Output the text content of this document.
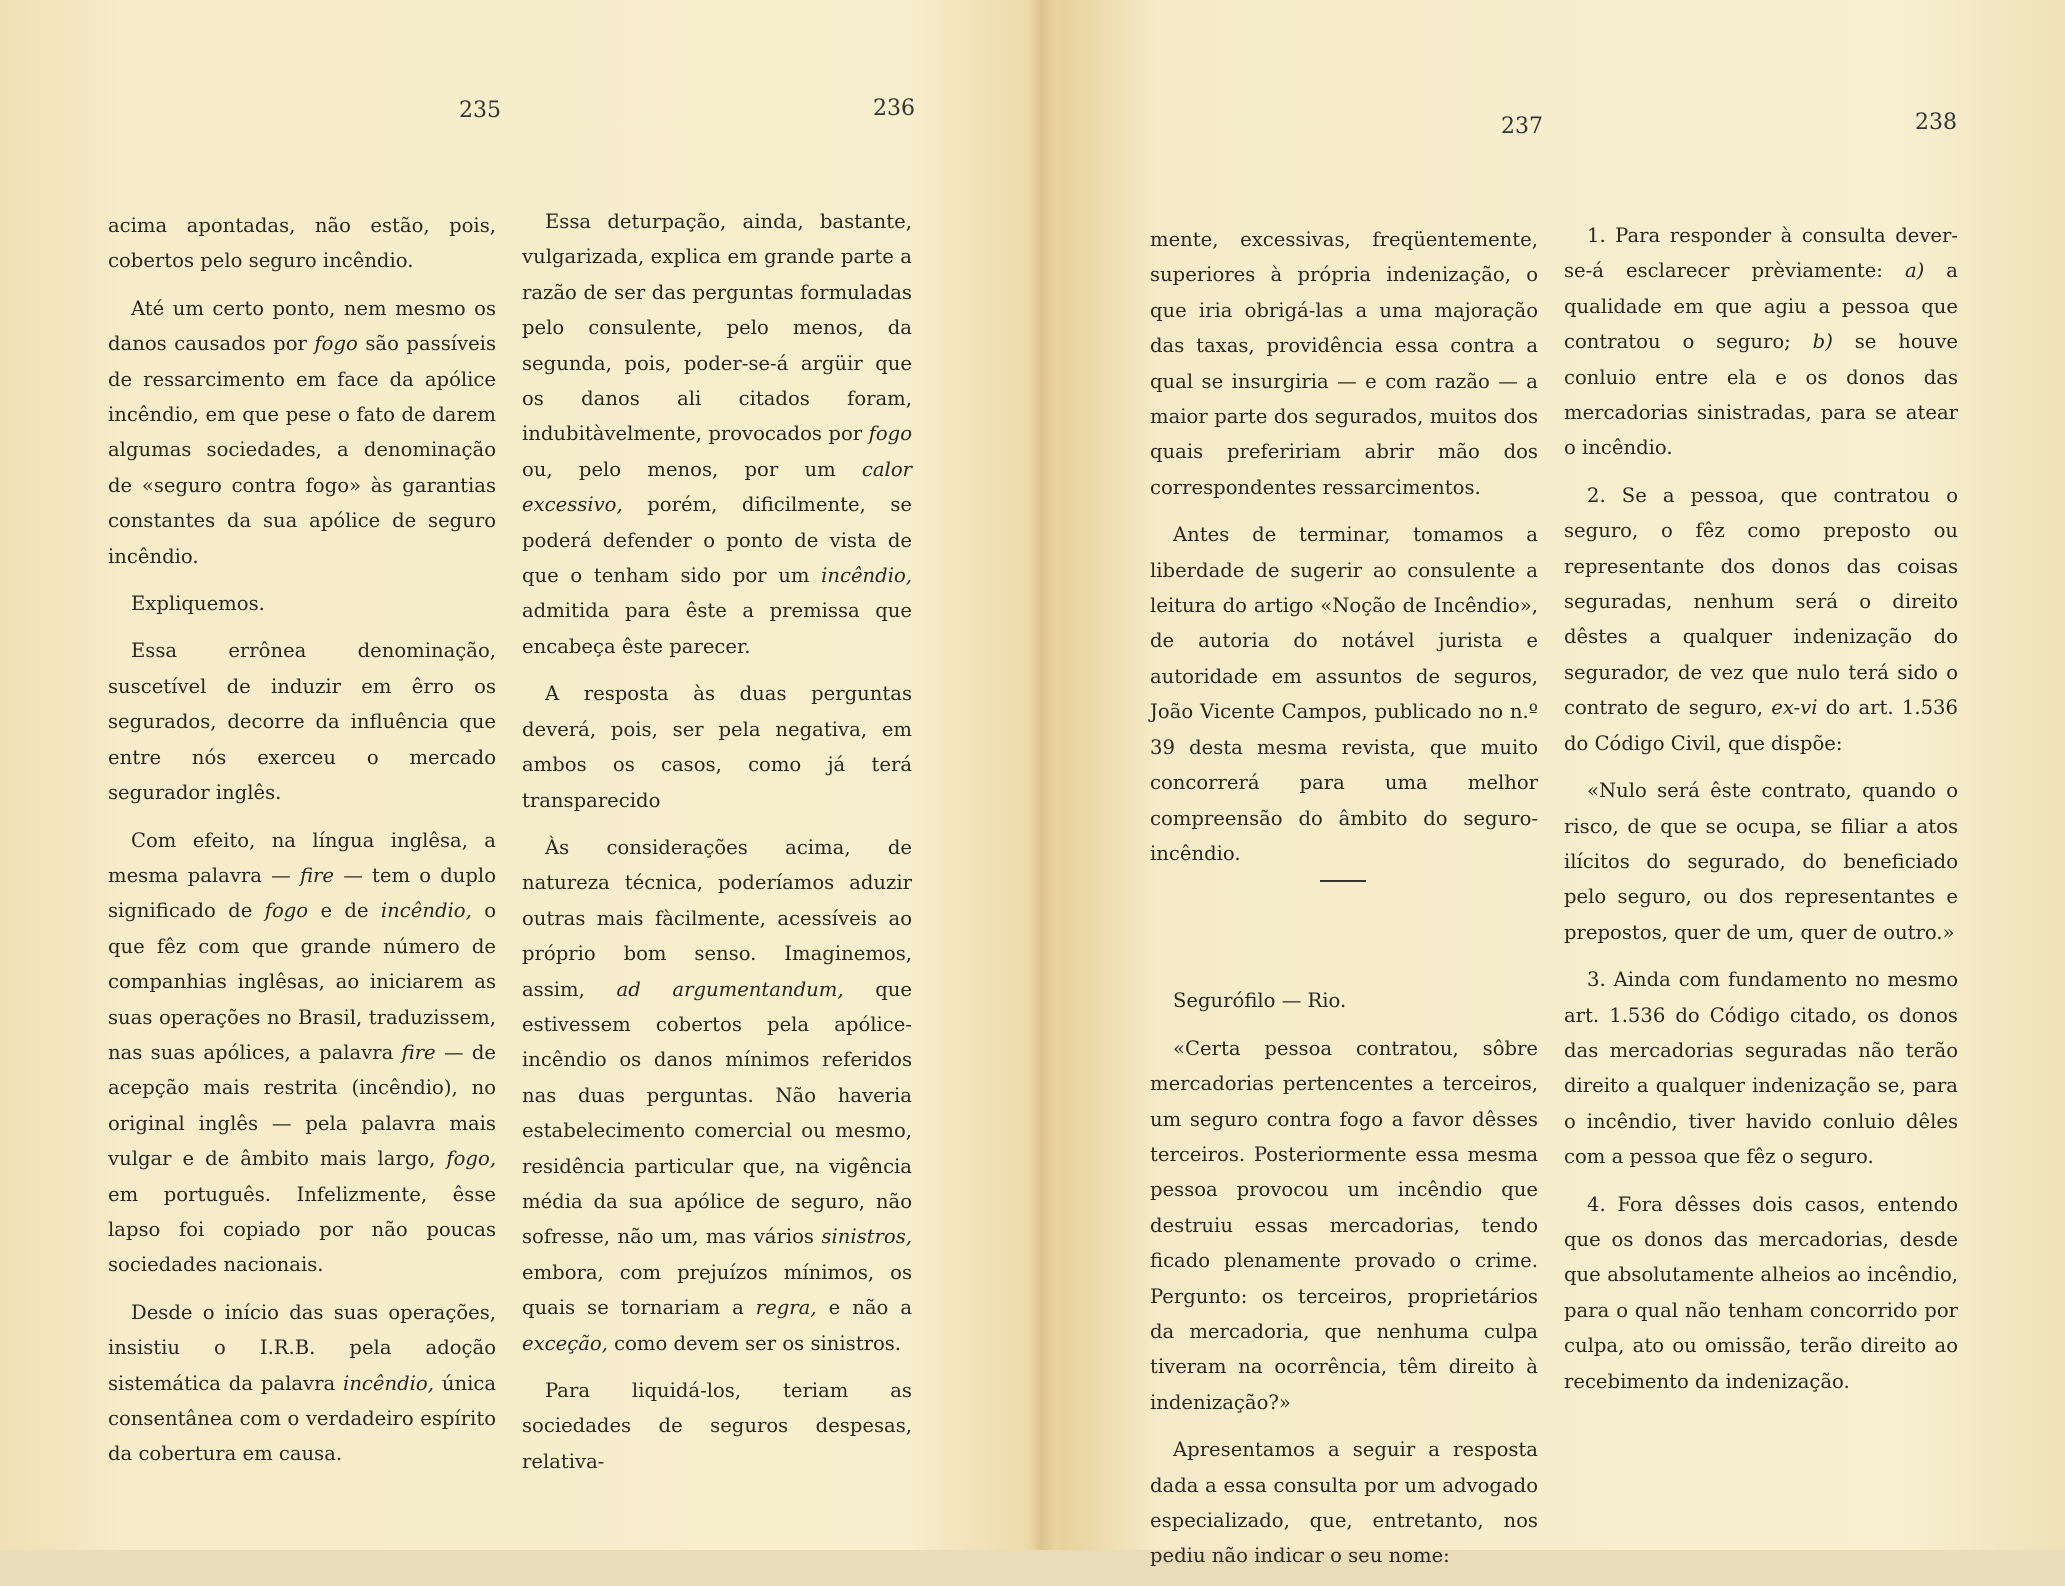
235	236
237	238

acima apontadas, não estão, pois, cobertos pelo seguro incêndio.

Até um certo ponto, nem mesmo os danos causados por fogo são passíveis de ressarcimento em face da apólice incêndio, em que pese o fato de darem algumas sociedades, a denominação de «seguro contra fogo» às garantias constantes da sua apólice de seguro incêndio.

Expliquemos.

Essa errônea denominação, suscetível de induzir em êrro os segurados, decorre da influência que entre nós exerceu o mercado segurador inglês.

Com efeito, na língua inglêsa, a mesma palavra — fire — tem o duplo significado de fogo e de incêndio, o que fêz com que grande número de companhias inglêsas, ao iniciarem as suas operações no Brasil, traduzissem, nas suas apólices, a palavra fire — de acepção mais restrita (incêndio), no original inglês — pela palavra mais vulgar e de âmbito mais largo, fogo, em português. Infelizmente, êsse lapso foi copiado por não poucas sociedades nacionais.

Desde o início das suas operações, insistiu o I.R.B. pela adoção sistemática da palavra incêndio, única consentânea com o verdadeiro espírito da cobertura em causa.

Essa deturpação, ainda, bastante, vulgarizada, explica em grande parte a razão de ser das perguntas formuladas pelo consulente, pelo menos, da segunda, pois, poder-se-á argüir que os danos ali citados foram, indubitàvelmente, provocados por fogo ou, pelo menos, por um calor excessivo, porém, dificilmente, se poderá defender o ponto de vista de que o tenham sido por um incêndio, admitida para êste a premissa que encabeça êste parecer.

A resposta às duas perguntas deverá, pois, ser pela negativa, em ambos os casos, como já terá transparecido

Às considerações acima, de natureza técnica, poderíamos aduzir outras mais fàcilmente, acessíveis ao próprio bom senso. Imaginemos, assim, ad argumentandum, que estivessem cobertos pela apólice-incêndio os danos mínimos referidos nas duas perguntas. Não haveria estabelecimento comercial ou mesmo, residência particular que, na vigência média da sua apólice de seguro, não sofresse, não um, mas vários sinistros, embora, com prejuízos mínimos, os quais se tornariam a regra, e não a exceção, como devem ser os sinistros.

Para liquidá-los, teriam as sociedades de seguros despesas, relativa-

mente, excessivas, freqüentemente, superiores à própria indenização, o que iria obrigá-las a uma majoração das taxas, providência essa contra a qual se insurgiria — e com razão — a maior parte dos segurados, muitos dos quais prefeririam abrir mão dos correspondentes ressarcimentos.

Antes de terminar, tomamos a liberdade de sugerir ao consulente a leitura do artigo «Noção de Incêndio», de autoria do notável jurista e autoridade em assuntos de seguros, João Vicente Campos, publicado no n.º 39 desta mesma revista, que muito concorrerá para uma melhor compreensão do âmbito do seguro-incêndio.

Segurófilo — Rio.

«Certa pessoa contratou, sôbre mercadorias pertencentes a terceiros, um seguro contra fogo a favor dêsses terceiros. Posteriormente essa mesma pessoa provocou um incêndio que destruiu essas mercadorias, tendo ficado plenamente provado o crime. Pergunto: os terceiros, proprietários da mercadoria, que nenhuma culpa tiveram na ocorrência, têm direito à indenização?»

Apresentamos a seguir a resposta dada a essa consulta por um advogado especializado, que, entretanto, nos pediu não indicar o seu nome:

1. Para responder à consulta dever-se-á esclarecer prèviamente: a) a qualidade em que agiu a pessoa que contratou o seguro; b) se houve conluio entre ela e os donos das mercadorias sinistradas, para se atear o incêndio.

2. Se a pessoa, que contratou o seguro, o fêz como preposto ou representante dos donos das coisas seguradas, nenhum será o direito dêstes a qualquer indenização do segurador, de vez que nulo terá sido o contrato de seguro, ex-vi do art. 1.536 do Código Civil, que dispõe:

«Nulo será êste contrato, quando o risco, de que se ocupa, se filiar a atos ilícitos do segurado, do beneficiado pelo seguro, ou dos representantes e prepostos, quer de um, quer de outro.»

3. Ainda com fundamento no mesmo art. 1.536 do Código citado, os donos das mercadorias seguradas não terão direito a qualquer indenização se, para o incêndio, tiver havido conluio dêles com a pessoa que fêz o seguro.

4. Fora dêsses dois casos, entendo que os donos das mercadorias, desde que absolutamente alheios ao incêndio, para o qual não tenham concorrido por culpa, ato ou omissão, terão direito ao recebimento da indenização.
